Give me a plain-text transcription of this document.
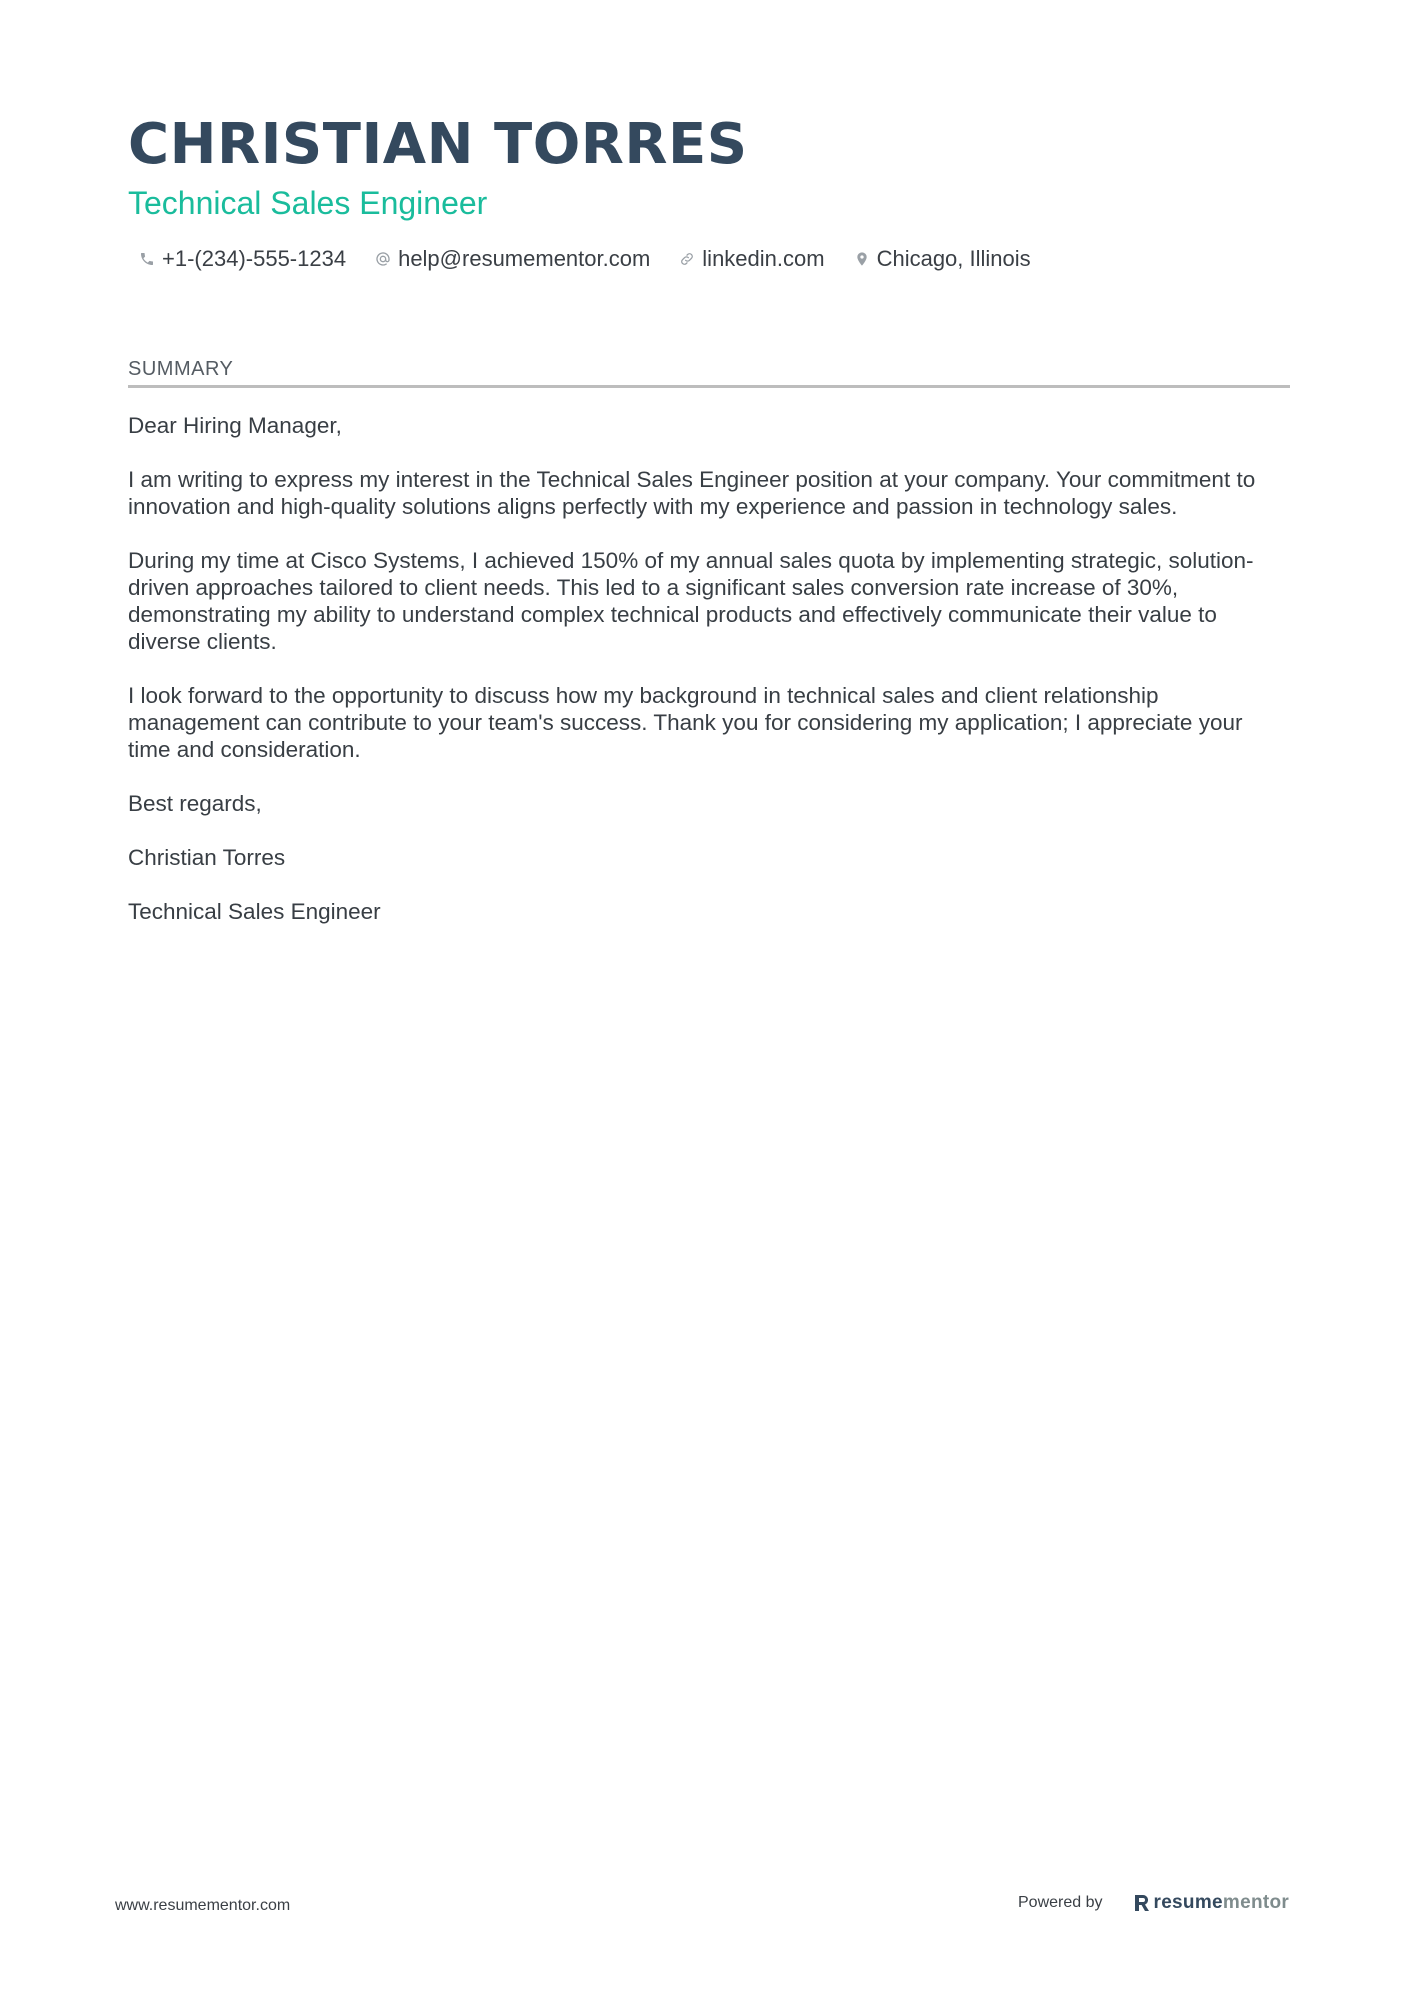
CHRISTIAN TORRES
Technical Sales Engineer
+1-(234)-555-1234 help@resumementor.com linkedin.com Chicago, Illinois
SUMMARY

Dear Hiring Manager,

I am writing to express my interest in the Technical Sales Engineer position at your company. Your commitment to innovation and high-quality solutions aligns perfectly with my experience and passion in technology sales.

During my time at Cisco Systems, I achieved 150% of my annual sales quota by implementing strategic, solution-driven approaches tailored to client needs. This led to a significant sales conversion rate increase of 30%, demonstrating my ability to understand complex technical products and effectively communicate their value to diverse clients.

I look forward to the opportunity to discuss how my background in technical sales and client relationship management can contribute to your team's success. Thank you for considering my application; I appreciate your time and consideration.

Best regards,

Christian Torres

Technical Sales Engineer

www.resumementor.com	Powered by	resume mentor
